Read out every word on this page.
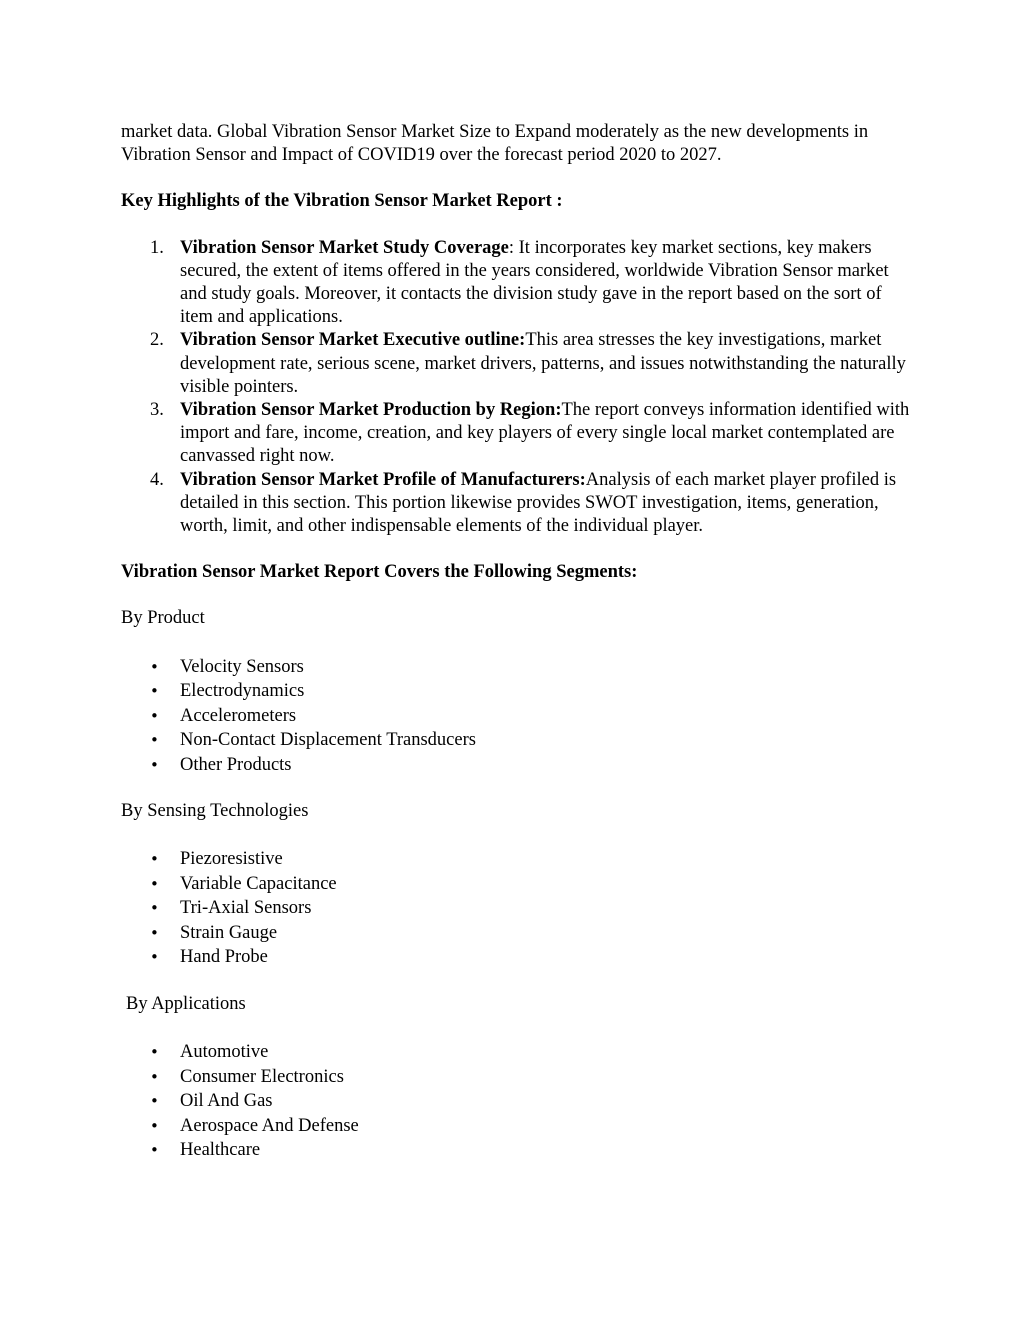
market data. Global Vibration Sensor Market Size to Expand moderately as the new developments in Vibration Sensor and Impact of COVID19 over the forecast period 2020 to 2027.

Key Highlights of the Vibration Sensor Market Report :

1. Vibration Sensor Market Study Coverage: It incorporates key market sections, key makers secured, the extent of items offered in the years considered, worldwide Vibration Sensor market and study goals. Moreover, it contacts the division study gave in the report based on the sort of item and applications.
2. Vibration Sensor Market Executive outline:This area stresses the key investigations, market development rate, serious scene, market drivers, patterns, and issues notwithstanding the naturally visible pointers.
3. Vibration Sensor Market Production by Region:The report conveys information identified with import and fare, income, creation, and key players of every single local market contemplated are canvassed right now.
4. Vibration Sensor Market Profile of Manufacturers:Analysis of each market player profiled is detailed in this section. This portion likewise provides SWOT investigation, items, generation, worth, limit, and other indispensable elements of the individual player.

Vibration Sensor Market Report Covers the Following Segments:

By Product

• Velocity Sensors
• Electrodynamics
• Accelerometers
• Non-Contact Displacement Transducers
• Other Products

By Sensing Technologies

• Piezoresistive
• Variable Capacitance
• Tri-Axial Sensors
• Strain Gauge
• Hand Probe

By Applications

• Automotive
• Consumer Electronics
• Oil And Gas
• Aerospace And Defense
• Healthcare
